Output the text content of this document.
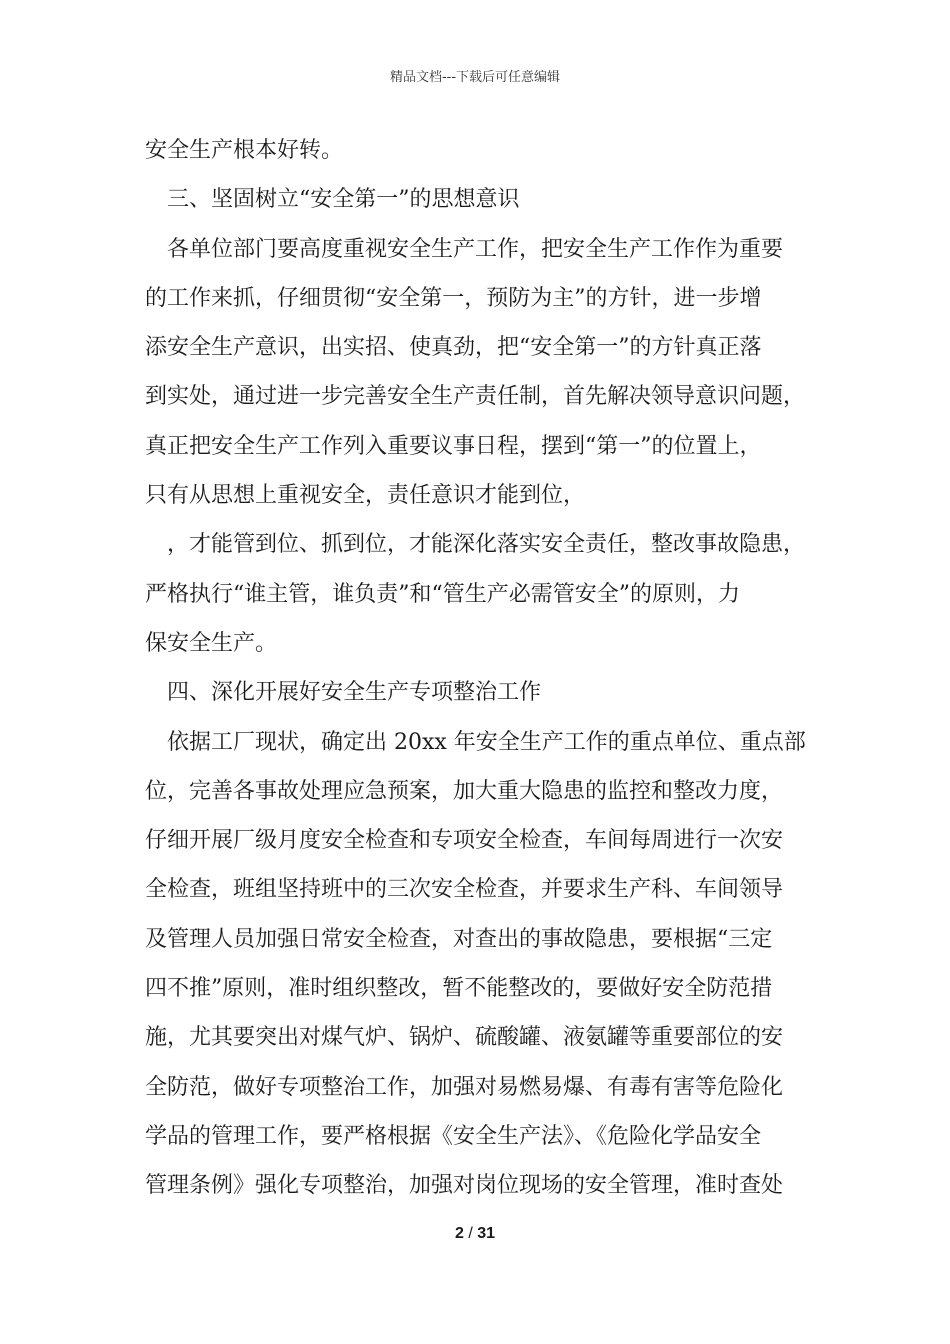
精品文档---下载后可任意编辑
安全生产根本好转。
三、坚固树立“安全第一”的思想意识
各单位部门要高度重视安全生产工作，把安全生产工作作为重要
的工作来抓，仔细贯彻“安全第一，预防为主”的方针，进一步增
添安全生产意识，出实招、使真劲，把“安全第一”的方针真正落
到实处，通过进一步完善安全生产责任制，首先解决领导意识问题，
真正把安全生产工作列入重要议事日程，摆到“第一”的位置上，
只有从思想上重视安全，责任意识才能到位，
，才能管到位、抓到位，才能深化落实安全责任，整改事故隐患，
严格执行“谁主管，谁负责”和“管生产必需管安全”的原则，力
保安全生产。
四、深化开展好安全生产专项整治工作
依据工厂现状，确定出 20xx 年安全生产工作的重点单位、重点部
位，完善各事故处理应急预案，加大重大隐患的监控和整改力度，
仔细开展厂级月度安全检查和专项安全检查，车间每周进行一次安
全检查，班组坚持班中的三次安全检查，并要求生产科、车间领导
及管理人员加强日常安全检查，对查出的事故隐患，要根据“三定
四不推”原则，准时组织整改，暂不能整改的，要做好安全防范措
施，尤其要突出对煤气炉、锅炉、硫酸罐、液氨罐等重要部位的安
全防范，做好专项整治工作，加强对易燃易爆、有毒有害等危险化
学品的管理工作，要严格根据《安全生产法》、《危险化学品安全
管理条例》强化专项整治，加强对岗位现场的安全管理，准时查处
2 / 31
